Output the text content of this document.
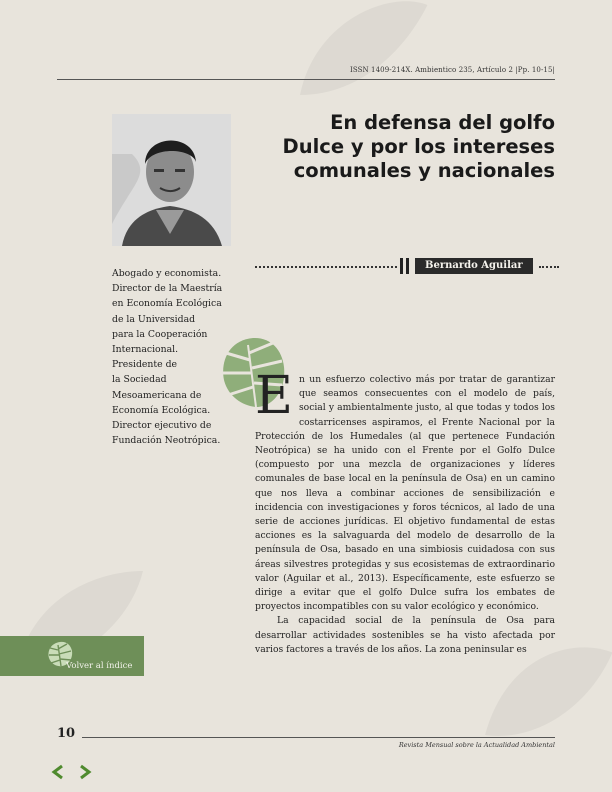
ISSN 1409-214X. Ambientico 235, Artículo 2 |Pp. 10-15|
En defensa del golfo
Dulce y por los intereses
comunales y nacionales
Bernardo Aguilar
Abogado y economista.
Director de la Maestría
en Economía Ecológica
de la Universidad
para la Cooperación
Internacional.
Presidente de
la Sociedad
Mesoamericana de
Economía Ecológica.
Director ejecutivo de
Fundación Neotrópica.

En un esfuerzo colectivo más por tratar de garantizar que seamos consecuentes con el modelo de país, social y ambientalmente justo, al que todas y todos los costarricenses aspiramos, el Frente Nacional por la Protección de los Humedales (al que pertenece Fundación Neotrópica) se ha unido con el Frente por el Golfo Dulce (compuesto por una mezcla de organizaciones y líderes comunales de base local en la península de Osa) en un camino que nos lleva a combinar acciones de sensibilización e incidencia con investigaciones y foros técnicos, al lado de una serie de acciones jurídicas. El objetivo fundamental de estas acciones es la salvaguarda del modelo de desarrollo de la península de Osa, basado en una simbiosis cuidadosa con sus áreas silvestres protegidas y sus ecosistemas de extraordinario valor (Aguilar et al., 2013). Específicamente, este esfuerzo se dirige a evitar que el golfo Dulce sufra los embates de proyectos incompatibles con su valor ecológico y económico.

La capacidad social de la península de Osa para desarrollar actividades sostenibles se ha visto afectada por varios factores a través de los años. La zona peninsular es

Volver al índice
10
Revista Mensual sobre la Actualidad Ambiental
